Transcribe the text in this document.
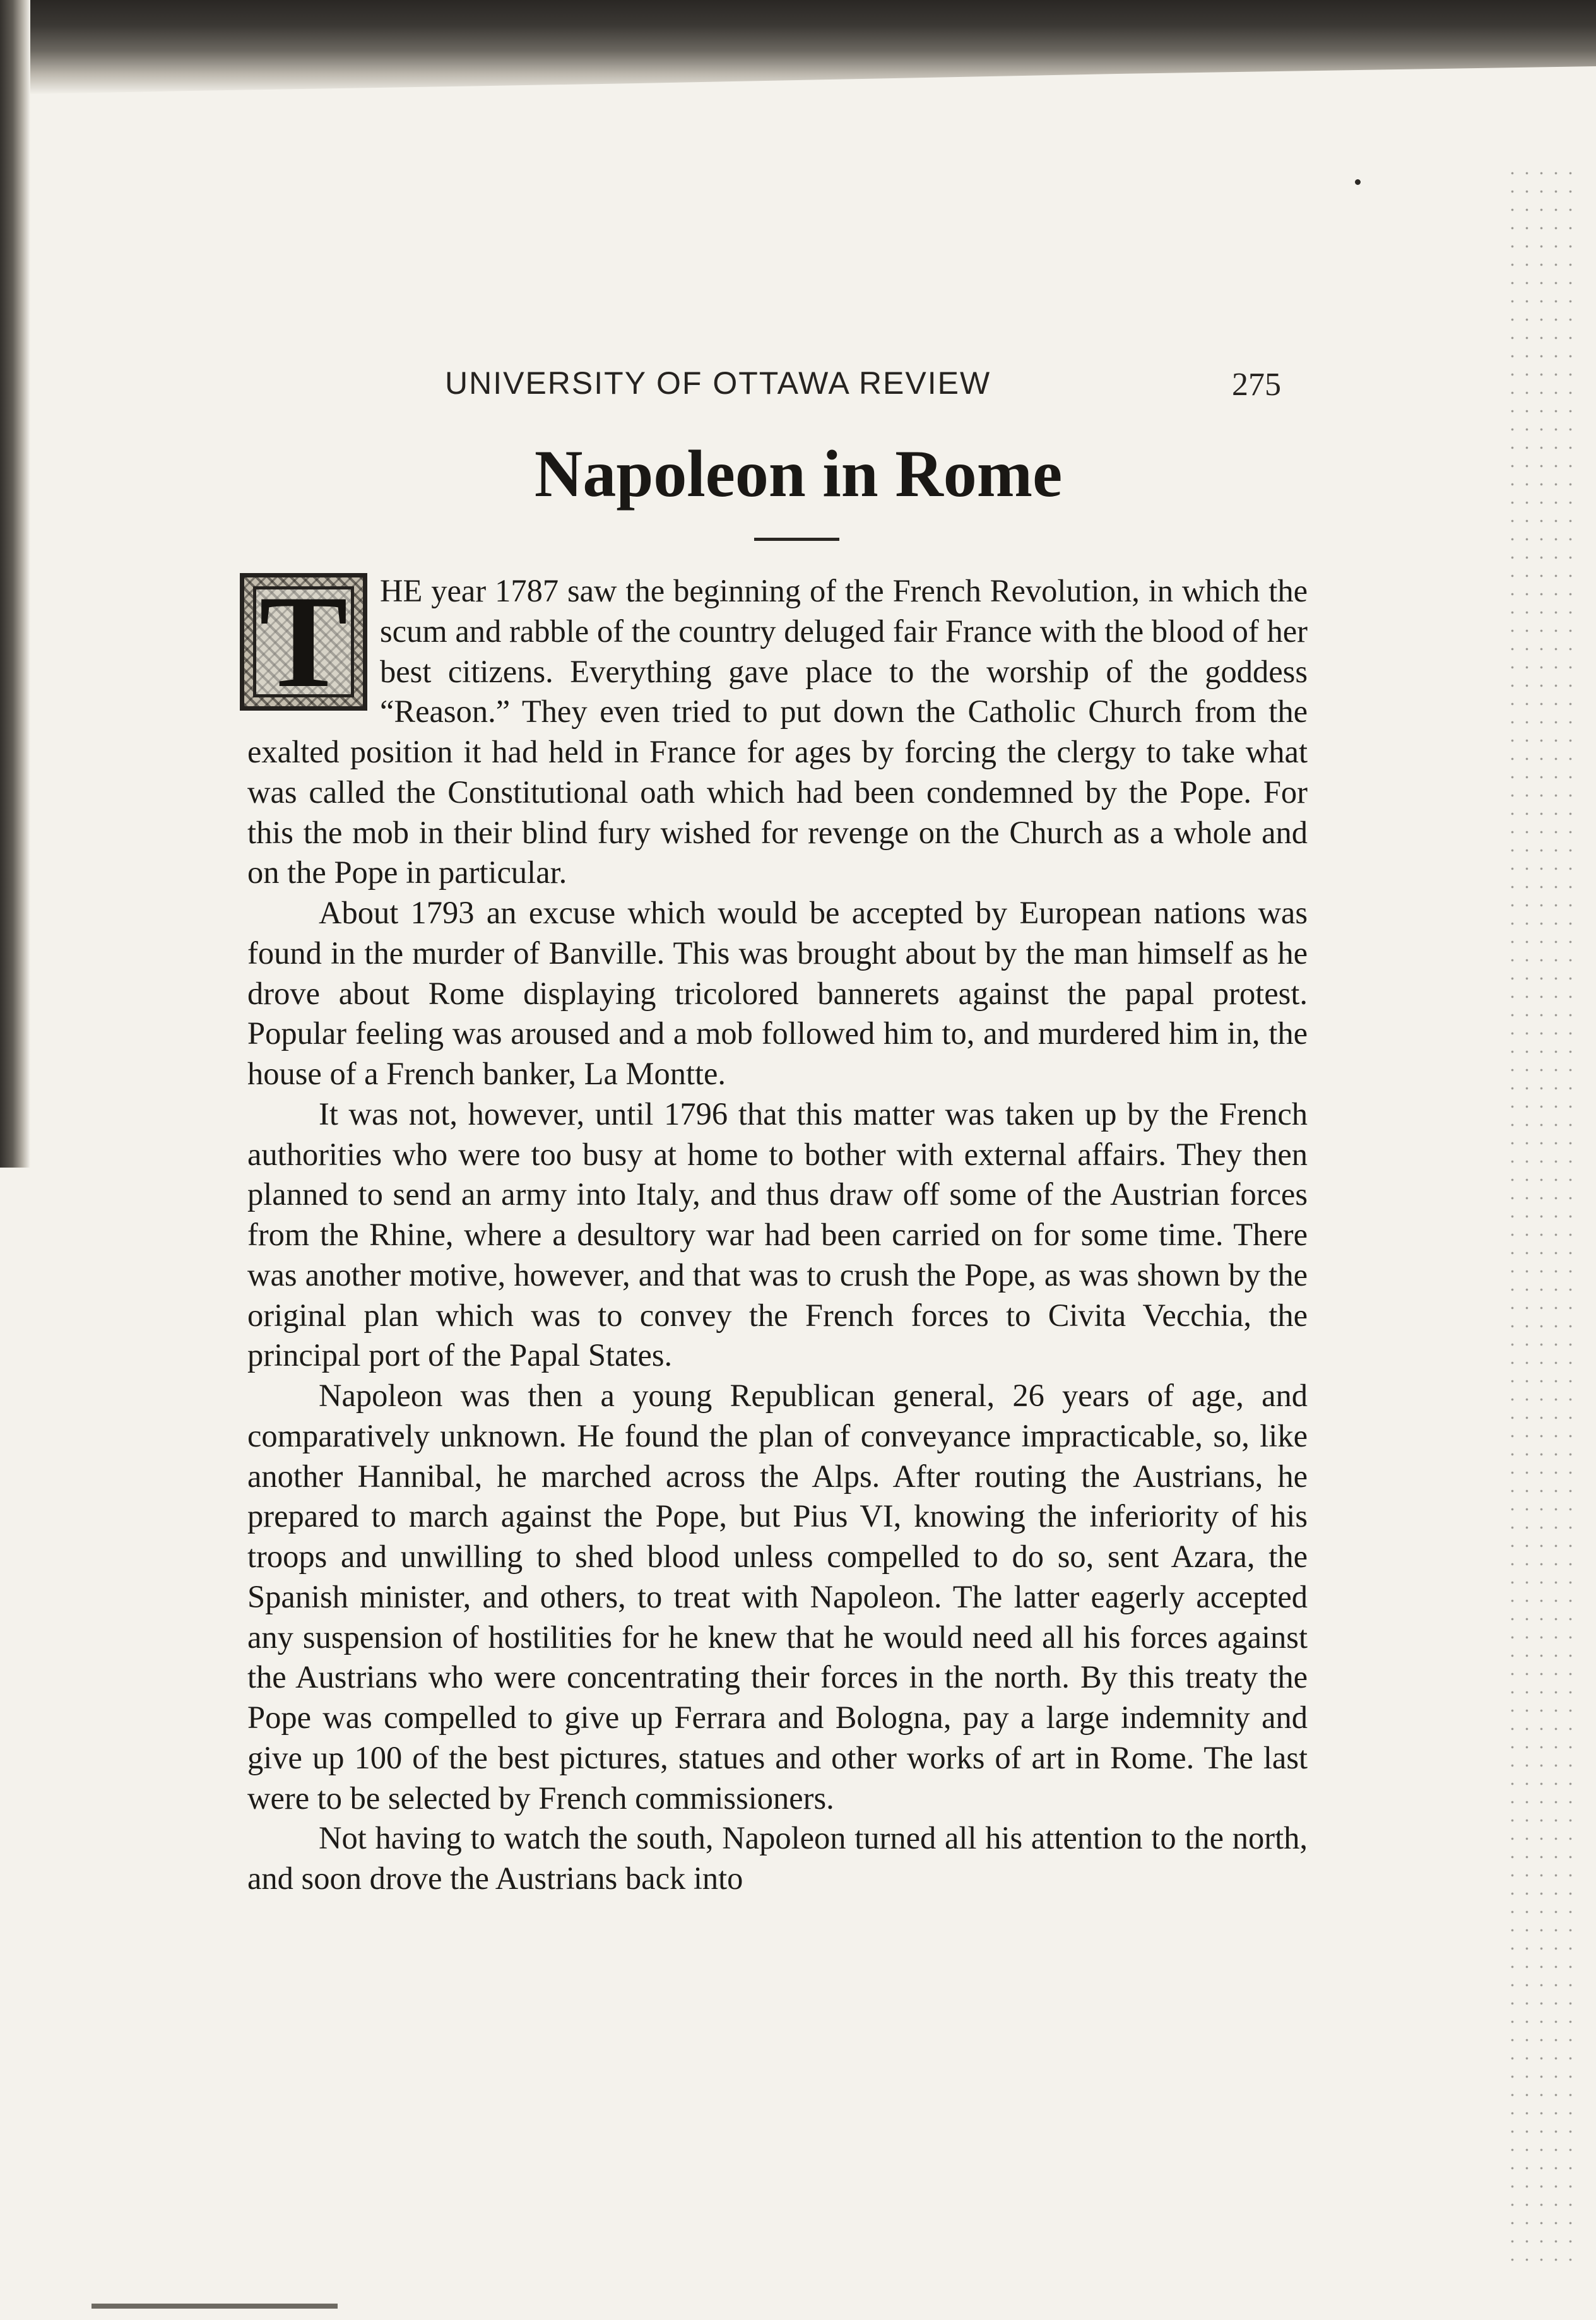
UNIVERSITY OF OTTAWA REVIEW	275
Napoleon in Rome
T	HE year 1787 saw the beginning of the French Revolution, in which the scum and rabble of the country deluged fair France with the blood of her best citizens. Everything gave place to the worship of the goddess “Reason.” They even tried to put down the Catholic Church from the exalted position it had held in France for ages by forcing the clergy to take what was called the Constitutional oath which had been condemned by the Pope. For this the mob in their blind fury wished for revenge on the Church as a whole and on the Pope in particular.

About 1793 an excuse which would be accepted by European nations was found in the murder of Banville. This was brought about by the man himself as he drove about Rome displaying tricolored bannerets against the papal protest. Popular feeling was aroused and a mob followed him to, and murdered him in, the house of a French banker, La Montte.

It was not, however, until 1796 that this matter was taken up by the French authorities who were too busy at home to bother with external affairs. They then planned to send an army into Italy, and thus draw off some of the Austrian forces from the Rhine, where a desultory war had been carried on for some time. There was another motive, however, and that was to crush the Pope, as was shown by the original plan which was to convey the French forces to Civita Vecchia, the principal port of the Papal States.

Napoleon was then a young Republican general, 26 years of age, and comparatively unknown. He found the plan of conveyance impracticable, so, like another Hannibal, he marched across the Alps. After routing the Austrians, he prepared to march against the Pope, but Pius VI, knowing the inferiority of his troops and unwilling to shed blood unless compelled to do so, sent Azara, the Spanish minister, and others, to treat with Napoleon. The latter eagerly accepted any suspension of hostilities for he knew that he would need all his forces against the Austrians who were concentrating their forces in the north. By this treaty the Pope was compelled to give up Ferrara and Bologna, pay a large indemnity and give up 100 of the best pictures, statues and other works of art in Rome. The last were to be selected by French commissioners.

Not having to watch the south, Napoleon turned all his attention to the north, and soon drove the Austrians back into
